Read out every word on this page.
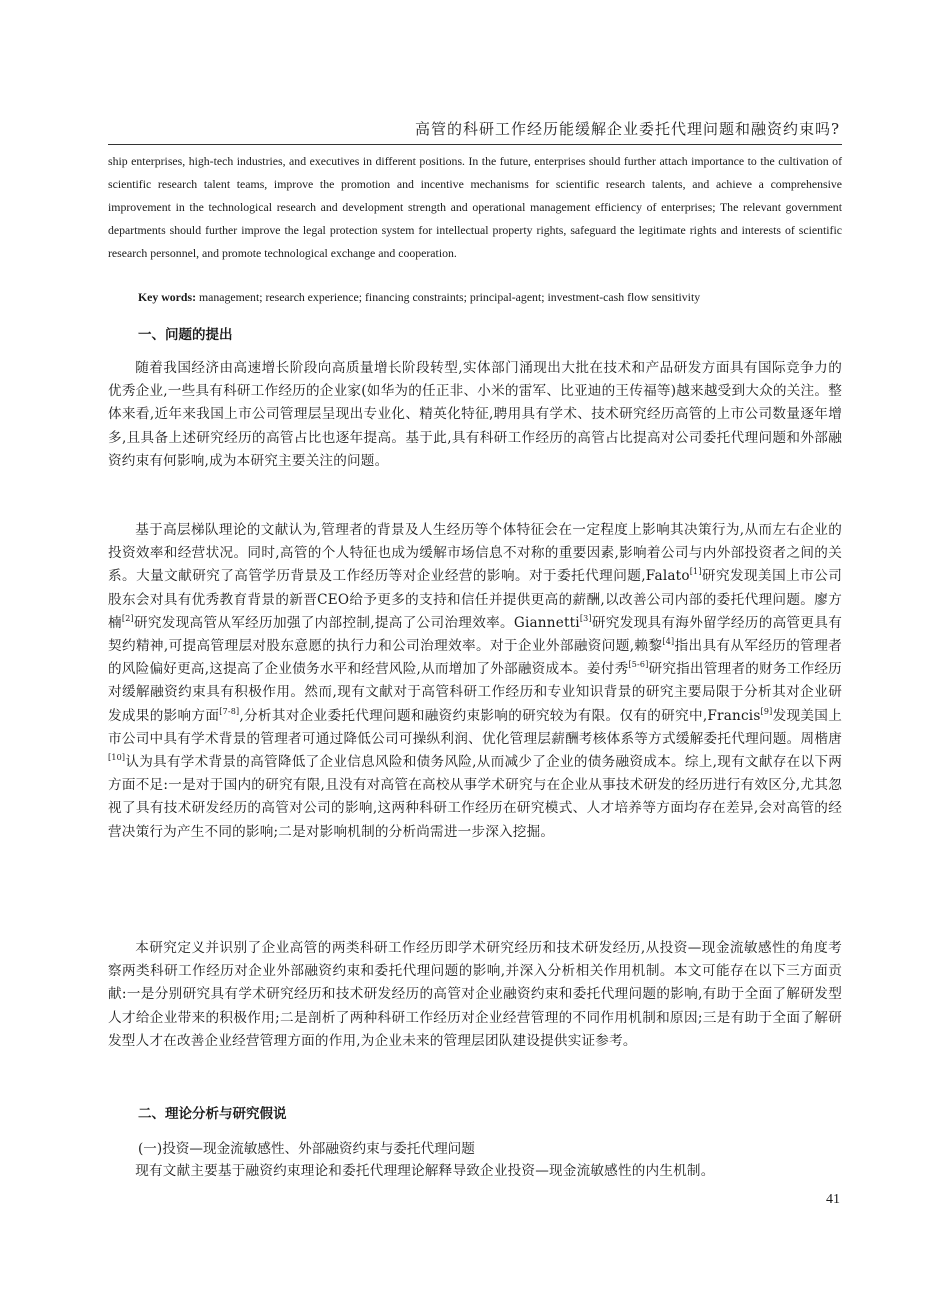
高管的科研工作经历能缓解企业委托代理问题和融资约束吗?

ship enterprises, high-tech industries, and executives in different positions. In the future, enterprises should further attach importance to the cultivation of scientific research talent teams, improve the promotion and incentive mechanisms for scientific research talents, and achieve a comprehensive improvement in the technological research and development strength and operational management efficiency of enterprises; The relevant government departments should further improve the legal protection system for intellectual property rights, safeguard the legitimate rights and interests of scientific research personnel, and promote technological exchange and cooperation.

Key words: management; research experience; financing constraints; principal-agent; investment-cash flow sensitivity

一、问题的提出

随着我国经济由高速增长阶段向高质量增长阶段转型,实体部门涌现出大批在技术和产品研发方面具有国际竞争力的优秀企业,一些具有科研工作经历的企业家(如华为的任正非、小米的雷军、比亚迪的王传福等)越来越受到大众的关注。整体来看,近年来我国上市公司管理层呈现出专业化、精英化特征,聘用具有学术、技术研究经历高管的上市公司数量逐年增多,且具备上述研究经历的高管占比也逐年提高。基于此,具有科研工作经历的高管占比提高对公司委托代理问题和外部融资约束有何影响,成为本研究主要关注的问题。

基于高层梯队理论的文献认为,管理者的背景及人生经历等个体特征会在一定程度上影响其决策行为,从而左右企业的投资效率和经营状况。同时,高管的个人特征也成为缓解市场信息不对称的重要因素,影响着公司与内外部投资者之间的关系。大量文献研究了高管学历背景及工作经历等对企业经营的影响。对于委托代理问题,Falato[1]研究发现美国上市公司股东会对具有优秀教育背景的新晋CEO给予更多的支持和信任并提供更高的薪酬,以改善公司内部的委托代理问题。廖方楠[2]研究发现高管从军经历加强了内部控制,提高了公司治理效率。Giannetti[3]研究发现具有海外留学经历的高管更具有契约精神,可提高管理层对股东意愿的执行力和公司治理效率。对于企业外部融资问题,赖黎[4]指出具有从军经历的管理者的风险偏好更高,这提高了企业债务水平和经营风险,从而增加了外部融资成本。姜付秀[5-6]研究指出管理者的财务工作经历对缓解融资约束具有积极作用。然而,现有文献对于高管科研工作经历和专业知识背景的研究主要局限于分析其对企业研发成果的影响方面[7-8],分析其对企业委托代理问题和融资约束影响的研究较为有限。仅有的研究中,Francis[9]发现美国上市公司中具有学术背景的管理者可通过降低公司可操纵利润、优化管理层薪酬考核体系等方式缓解委托代理问题。周楷唐[10]认为具有学术背景的高管降低了企业信息风险和债务风险,从而减少了企业的债务融资成本。综上,现有文献存在以下两方面不足:一是对于国内的研究有限,且没有对高管在高校从事学术研究与在企业从事技术研发的经历进行有效区分,尤其忽视了具有技术研发经历的高管对公司的影响,这两种科研工作经历在研究模式、人才培养等方面均存在差异,会对高管的经营决策行为产生不同的影响;二是对影响机制的分析尚需进一步深入挖掘。

本研究定义并识别了企业高管的两类科研工作经历即学术研究经历和技术研发经历,从投资—现金流敏感性的角度考察两类科研工作经历对企业外部融资约束和委托代理问题的影响,并深入分析相关作用机制。本文可能存在以下三方面贡献:一是分别研究具有学术研究经历和技术研发经历的高管对企业融资约束和委托代理问题的影响,有助于全面了解研发型人才给企业带来的积极作用;二是剖析了两种科研工作经历对企业经营管理的不同作用机制和原因;三是有助于全面了解研发型人才在改善企业经营管理方面的作用,为企业未来的管理层团队建设提供实证参考。

二、理论分析与研究假说

(一)投资—现金流敏感性、外部融资约束与委托代理问题

现有文献主要基于融资约束理论和委托代理理论解释导致企业投资—现金流敏感性的内生机制。

41
